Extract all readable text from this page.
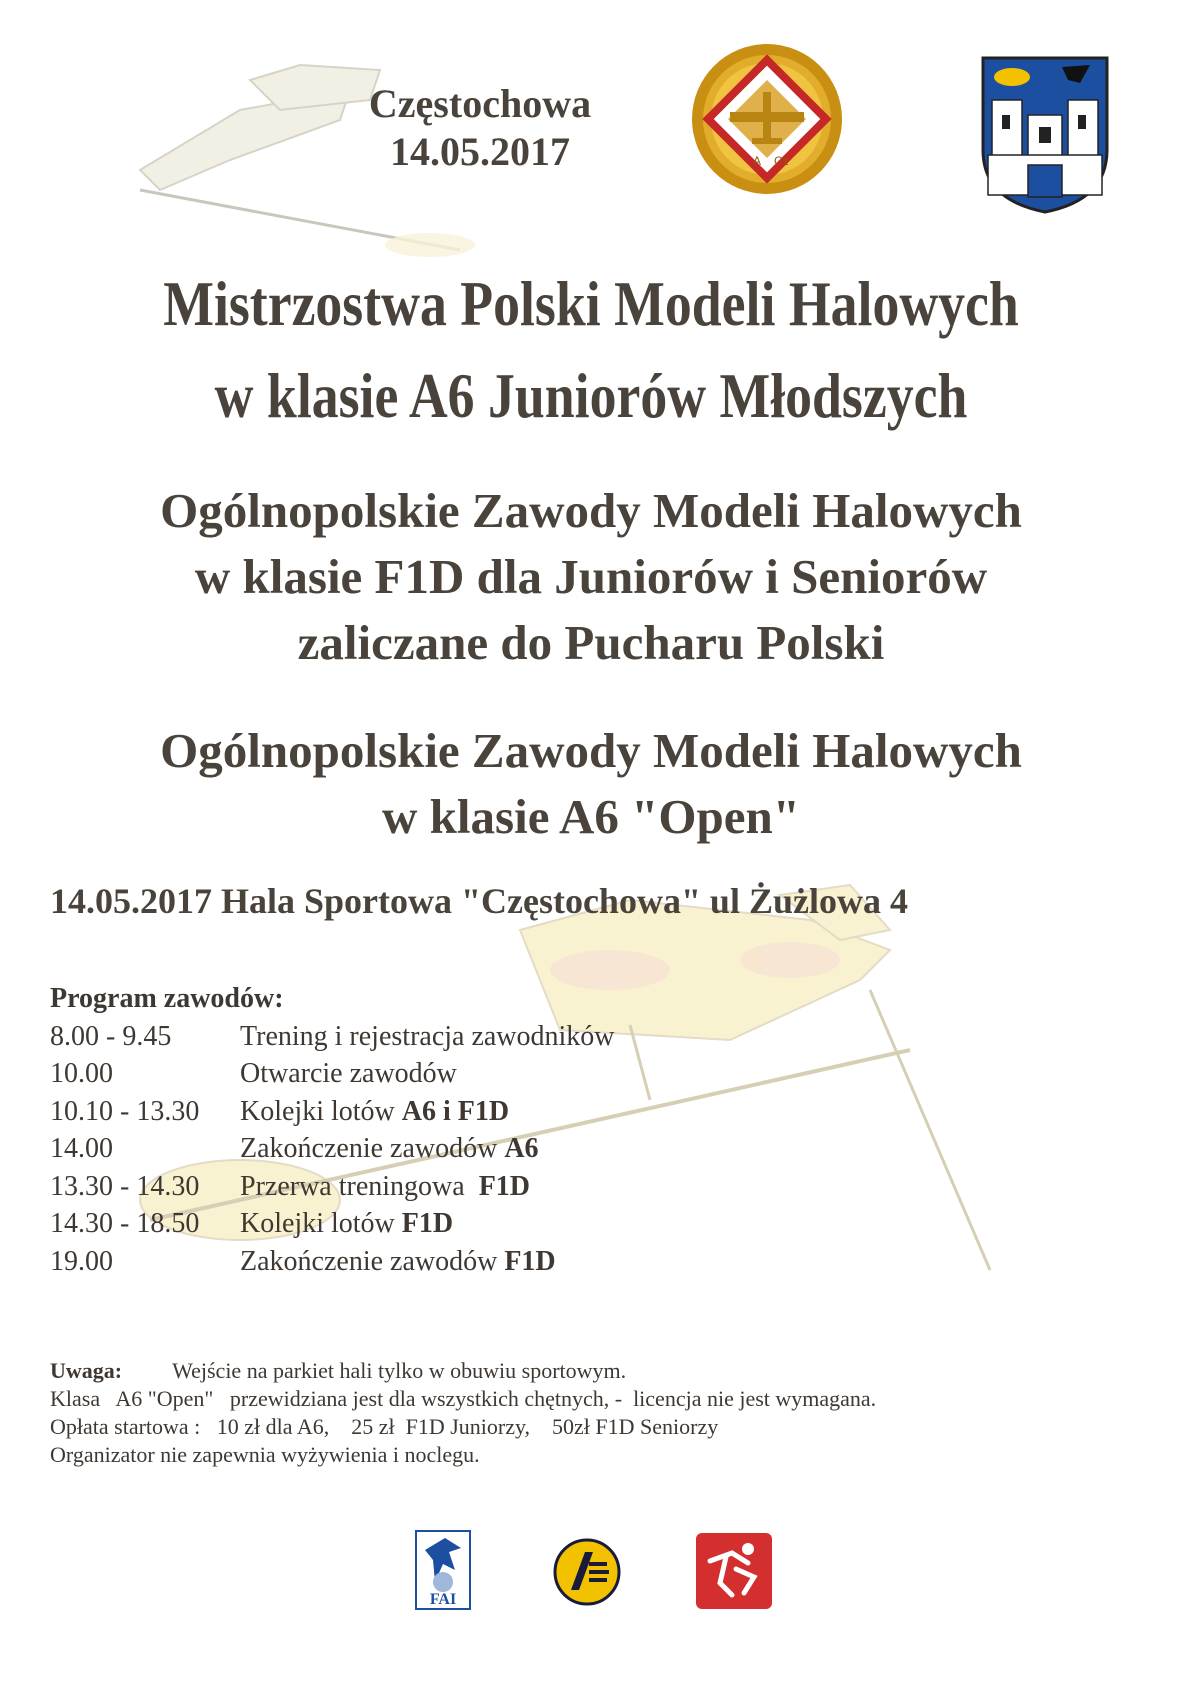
Częstochowa
14.05.2017	A Cz
Mistrzostwa Polski Modeli Halowych
w klasie A6 Juniorów Młodszych
Ogólnopolskie Zawody Modeli Halowych
w klasie F1D dla Juniorów i Seniorów
zaliczane do Pucharu Polski
Ogólnopolskie Zawody Modeli Halowych
w klasie A6 "Open"
14.05.2017 Hala Sportowa "Częstochowa" ul Żużlowa 4
Program zawodów:
8.00 - 9.45	Trening i rejestracja zawodników
10.00	Otwarcie zawodów
10.10 - 13.30	Kolejki lotów A6 i F1D
14.00	Zakończenie zawodów A6
13.30 - 14.30	Przerwa treningowa F1D
14.30 - 18.50	Kolejki lotów F1D
19.00	Zakończenie zawodów F1D
Uwaga: Wejście na parkiet hali tylko w obuwiu sportowym.
Klasa   A6 "Open"   przewidziana jest dla wszystkich chętnych, -  licencja nie jest wymagana.
Opłata startowa :   10 zł dla A6,    25 zł  F1D Juniorzy,    50zł F1D Seniorzy
Organizator nie zapewnia wyżywienia i noclegu.
FAI
